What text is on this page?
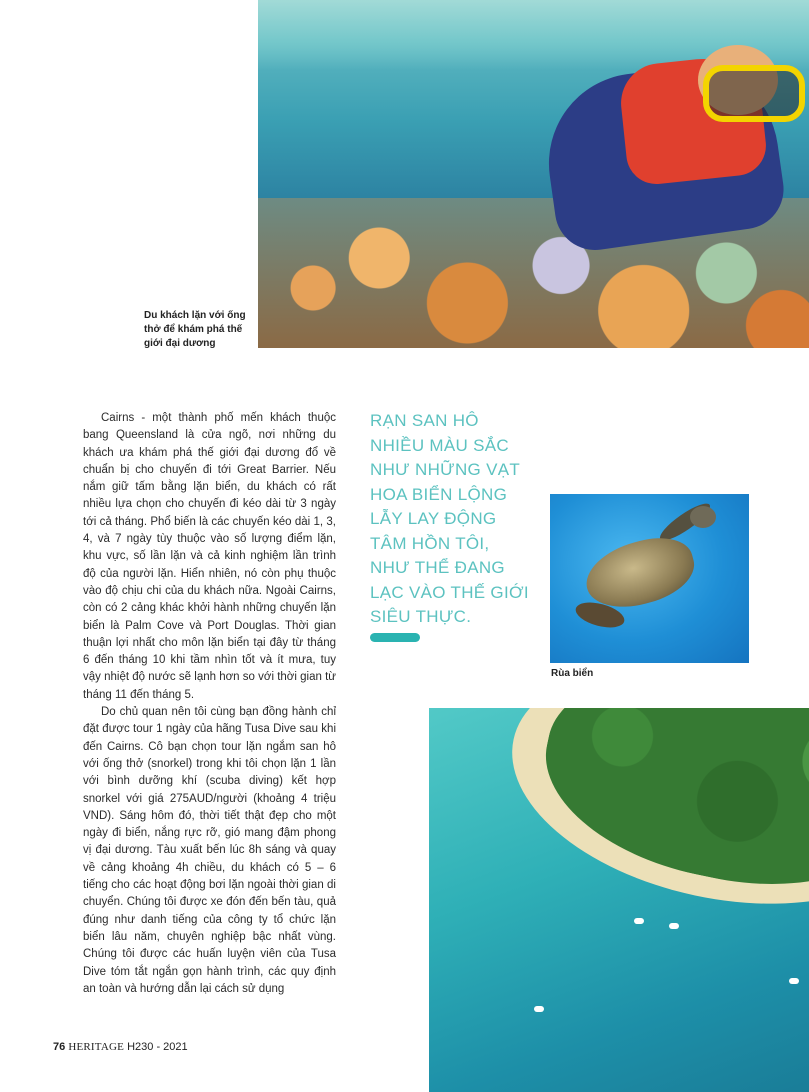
Du khách lặn với ống thở để khám phá thế giới đại dương

Cairns - một thành phố mến khách thuộc bang Queensland là cửa ngõ, nơi những du khách ưa khám phá thế giới đại dương đổ về chuẩn bị cho chuyến đi tới Great Barrier. Nếu nắm giữ tấm bằng lặn biển, du khách có rất nhiều lựa chọn cho chuyến đi kéo dài từ 3 ngày tới cả tháng. Phổ biến là các chuyến kéo dài 1, 3, 4, và 7 ngày tùy thuộc vào số lượng điểm lặn, khu vực, số lần lặn và cả kinh nghiệm lần trình độ của người lặn. Hiển nhiên, nó còn phụ thuộc vào độ chịu chi của du khách nữa. Ngoài Cairns, còn có 2 cảng khác khởi hành những chuyến lặn biển là Palm Cove và Port Douglas. Thời gian thuận lợi nhất cho môn lặn biển tại đây từ tháng 6 đến tháng 10 khi tầm nhìn tốt và ít mưa, tuy vậy nhiệt độ nước sẽ lạnh hơn so với thời gian từ tháng 11 đến tháng 5.

Do chủ quan nên tôi cùng bạn đồng hành chỉ đặt được tour 1 ngày của hãng Tusa Dive sau khi đến Cairns. Cô bạn chọn tour lặn ngắm san hô với ống thở (snorkel) trong khi tôi chọn lặn 1 lần với bình dưỡng khí (scuba diving) kết hợp snorkel với giá 275AUD/người (khoảng 4 triệu VND). Sáng hôm đó, thời tiết thật đẹp cho một ngày đi biển, nắng rực rỡ, gió mang đậm phong vị đại dương. Tàu xuất bến lúc 8h sáng và quay về cảng khoảng 4h chiều, du khách có 5 – 6 tiếng cho các hoạt động bơi lặn ngoài thời gian di chuyển. Chúng tôi được xe đón đến bến tàu, quả đúng như danh tiếng của công ty tổ chức lặn biển lâu năm, chuyên nghiệp bậc nhất vùng. Chúng tôi được các huấn luyện viên của Tusa Dive tóm tắt ngắn gọn hành trình, các quy định an toàn và hướng dẫn lại cách sử dụng

RẠN SAN HÔ
NHIỀU MÀU SẮC
NHƯ NHỮNG VẠT
HOA BIỂN LỘNG
LẪY LAY ĐỘNG
TÂM HỒN TÔI,
NHƯ THỂ ĐANG
LẠC VÀO THẾ GIỚI
SIÊU THỰC.
Rùa biển
76 HERITAGE H230 - 2021
